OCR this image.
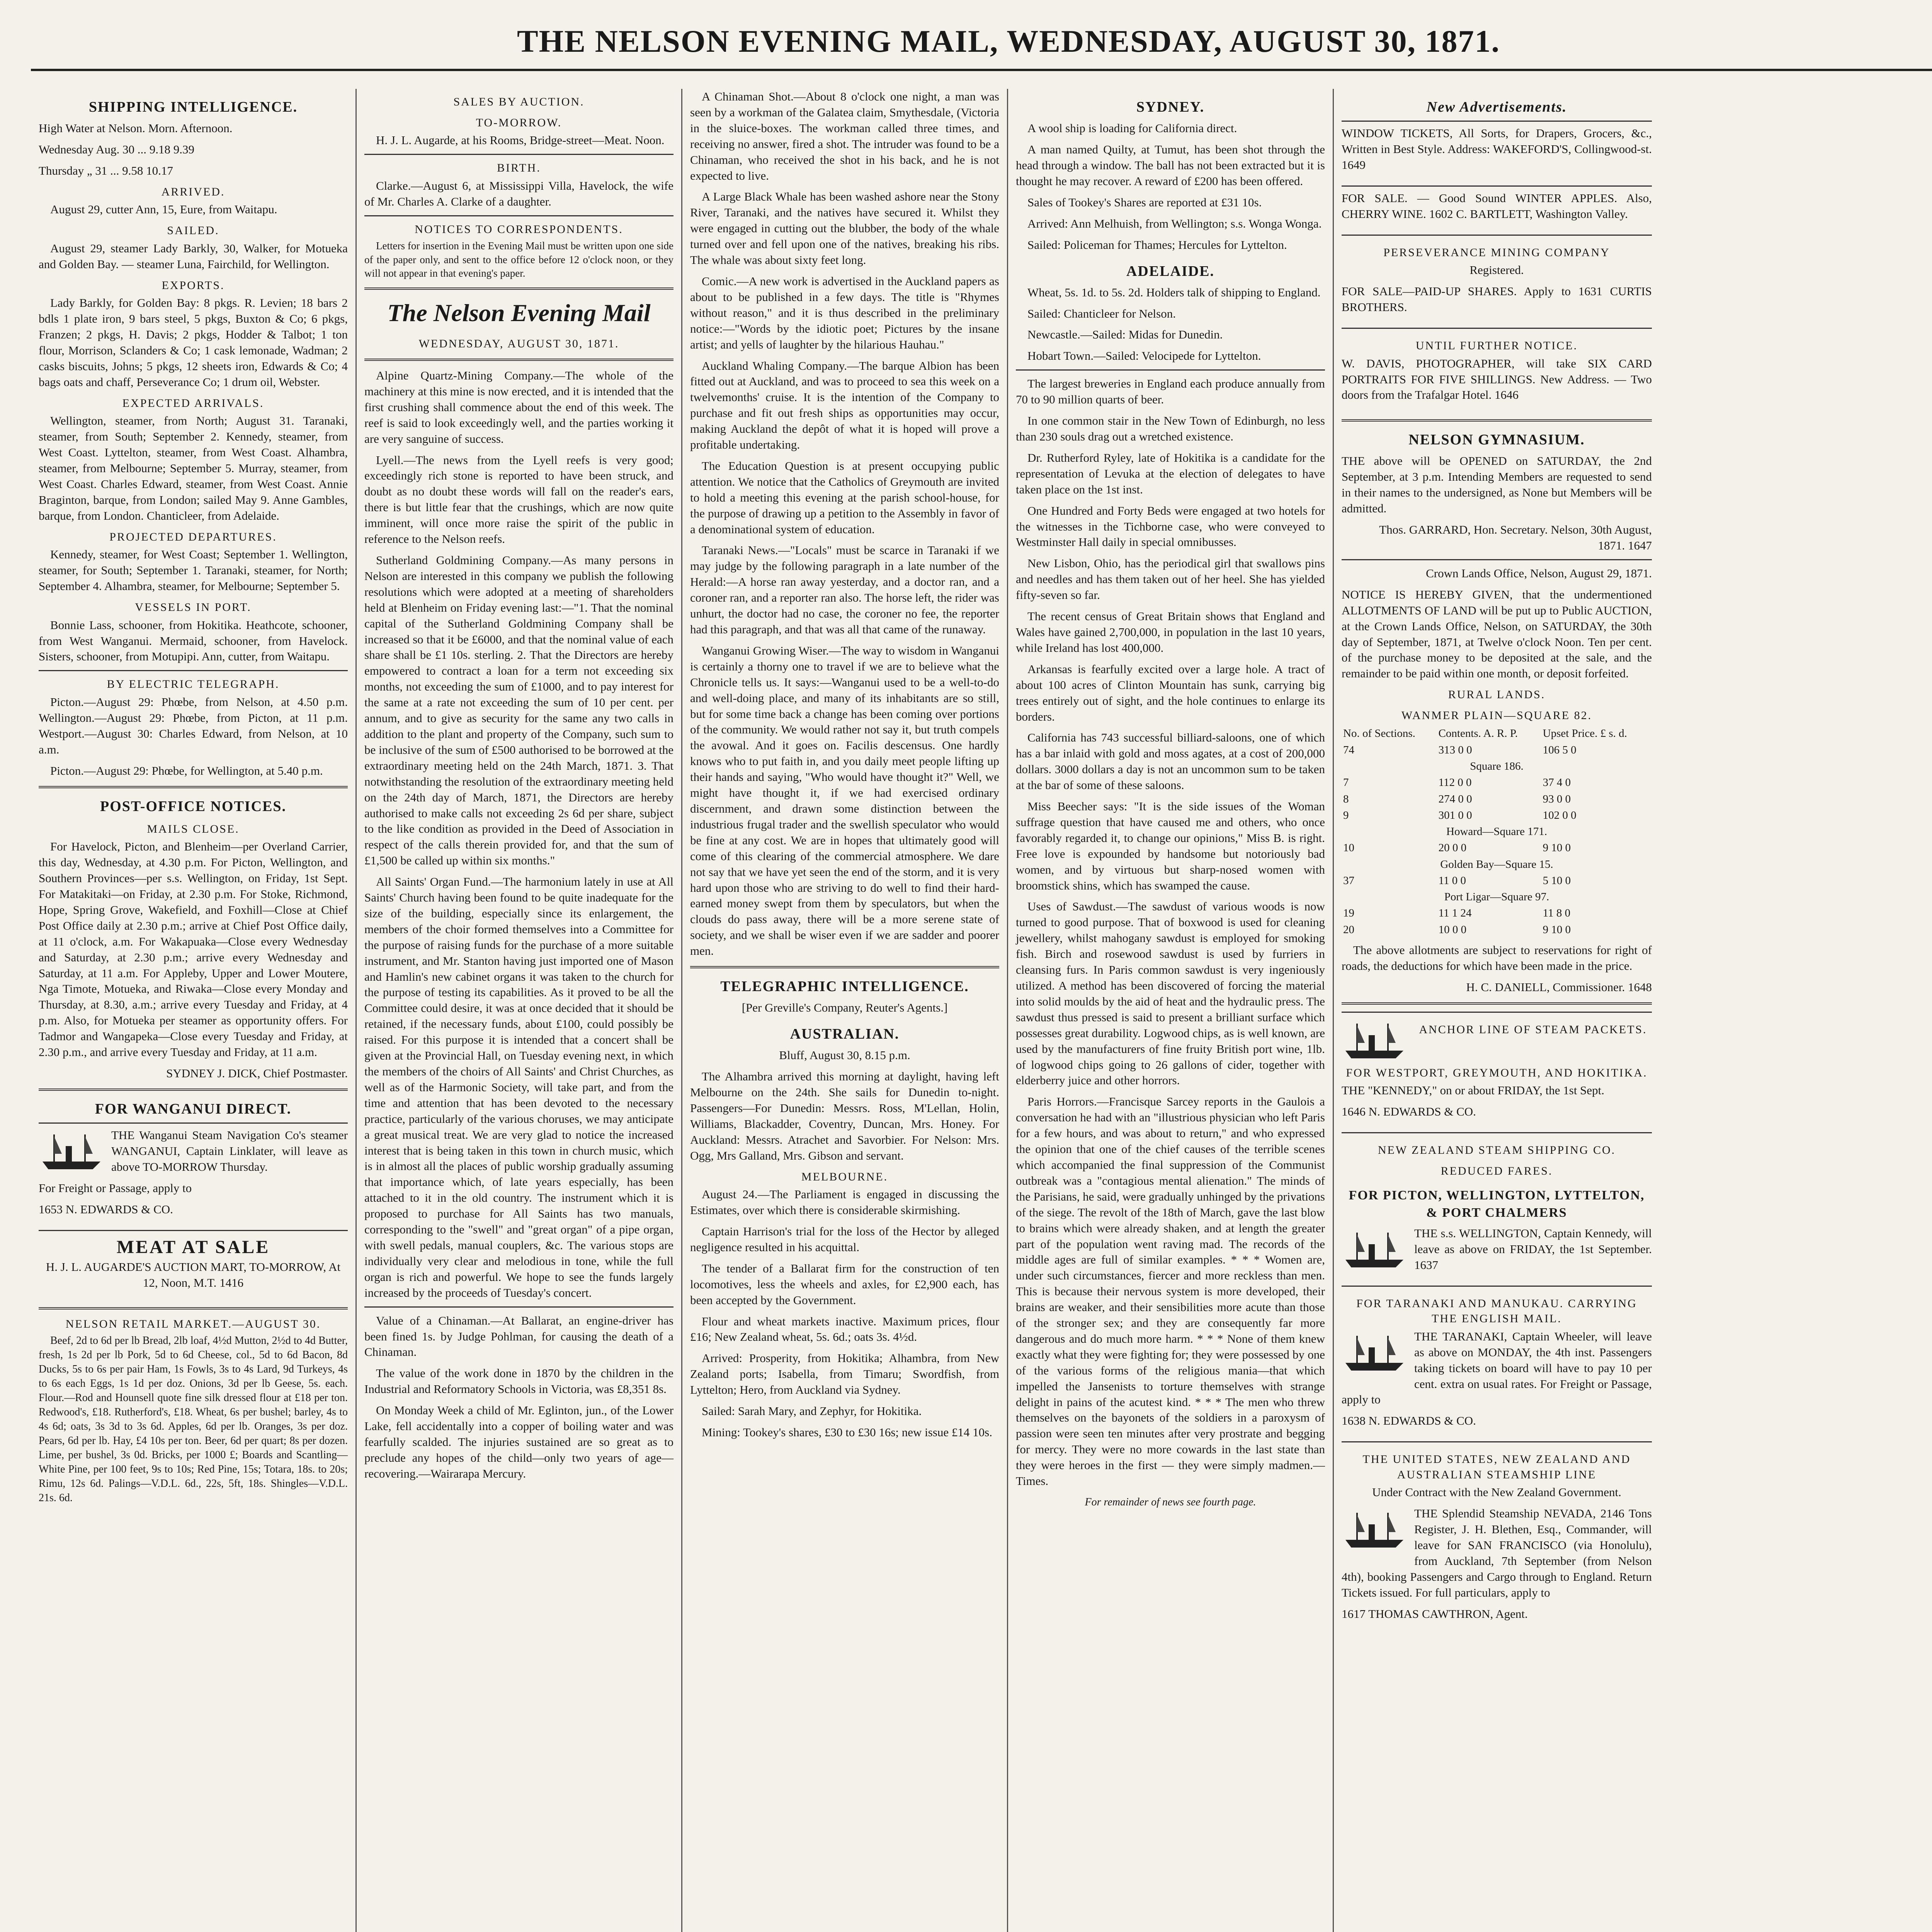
THE NELSON EVENING MAIL, WEDNESDAY, AUGUST 30, 1871.
SHIPPING INTELLIGENCE.

High Water at Nelson. Morn. Afternoon.

Wednesday Aug. 30 ... 9.18 9.39

Thursday „ 31 ... 9.58 10.17

ARRIVED.

August 29, cutter Ann, 15, Eure, from Waitapu.

SAILED.

August 29, steamer Lady Barkly, 30, Walker, for Motueka and Golden Bay. — steamer Luna, Fairchild, for Wellington.

EXPORTS.

Lady Barkly, for Golden Bay: 8 pkgs. R. Levien; 18 bars 2 bdls 1 plate iron, 9 bars steel, 5 pkgs, Buxton & Co; 6 pkgs, Franzen; 2 pkgs, H. Davis; 2 pkgs, Hodder & Talbot; 1 ton flour, Morrison, Sclanders & Co; 1 cask lemonade, Wadman; 2 casks biscuits, Johns; 5 pkgs, 12 sheets iron, Edwards & Co; 4 bags oats and chaff, Perseverance Co; 1 drum oil, Webster.

EXPECTED ARRIVALS.

Wellington, steamer, from North; August 31. Taranaki, steamer, from South; September 2. Kennedy, steamer, from West Coast. Lyttelton, steamer, from West Coast. Alhambra, steamer, from Melbourne; September 5. Murray, steamer, from West Coast. Charles Edward, steamer, from West Coast. Annie Braginton, barque, from London; sailed May 9. Anne Gambles, barque, from London. Chanticleer, from Adelaide.

PROJECTED DEPARTURES.

Kennedy, steamer, for West Coast; September 1. Wellington, steamer, for South; September 1. Taranaki, steamer, for North; September 4. Alhambra, steamer, for Melbourne; September 5.

VESSELS IN PORT.

Bonnie Lass, schooner, from Hokitika. Heathcote, schooner, from West Wanganui. Mermaid, schooner, from Havelock. Sisters, schooner, from Motupipi. Ann, cutter, from Waitapu.

BY ELECTRIC TELEGRAPH.

Picton.—August 29: Phœbe, from Nelson, at 4.50 p.m. Wellington.—August 29: Phœbe, from Picton, at 11 p.m. Westport.—August 30: Charles Edward, from Nelson, at 10 a.m.

Picton.—August 29: Phœbe, for Wellington, at 5.40 p.m.

POST-OFFICE NOTICES.
MAILS CLOSE.

For Havelock, Picton, and Blenheim—per Overland Carrier, this day, Wednesday, at 4.30 p.m. For Picton, Wellington, and Southern Provinces—per s.s. Wellington, on Friday, 1st Sept. For Matakitaki—on Friday, at 2.30 p.m. For Stoke, Richmond, Hope, Spring Grove, Wakefield, and Foxhill—Close at Chief Post Office daily at 2.30 p.m.; arrive at Chief Post Office daily, at 11 o'clock, a.m. For Wakapuaka—Close every Wednesday and Saturday, at 2.30 p.m.; arrive every Wednesday and Saturday, at 11 a.m. For Appleby, Upper and Lower Moutere, Nga Timote, Motueka, and Riwaka—Close every Monday and Thursday, at 8.30, a.m.; arrive every Tuesday and Friday, at 4 p.m. Also, for Motueka per steamer as opportunity offers. For Tadmor and Wangapeka—Close every Tuesday and Friday, at 2.30 p.m., and arrive every Tuesday and Friday, at 11 a.m.

SYDNEY J. DICK, Chief Postmaster.

FOR WANGANUI DIRECT.

THE Wanganui Steam Navigation Co's steamer WANGANUI, Captain Linklater, will leave as above TO-MORROW Thursday.

For Freight or Passage, apply to

1653 N. EDWARDS & CO.

MEAT AT SALE

H. J. L. AUGARDE'S AUCTION MART, TO-MORROW, At 12, Noon, M.T. 1416

NELSON RETAIL MARKET.—AUGUST 30.

Beef, 2d to 6d per lb Bread, 2lb loaf, 4½d Mutton, 2½d to 4d Butter, fresh, 1s 2d per lb Pork, 5d to 6d Cheese, col., 5d to 6d Bacon, 8d Ducks, 5s to 6s per pair Ham, 1s Fowls, 3s to 4s Lard, 9d Turkeys, 4s to 6s each Eggs, 1s 1d per doz. Onions, 3d per lb Geese, 5s. each. Flour.—Rod and Hounsell quote fine silk dressed flour at £18 per ton. Redwood's, £18. Rutherford's, £18. Wheat, 6s per bushel; barley, 4s to 4s 6d; oats, 3s 3d to 3s 6d. Apples, 6d per lb. Oranges, 3s per doz. Pears, 6d per lb. Hay, £4 10s per ton. Beer, 6d per quart; 8s per dozen. Lime, per bushel, 3s 0d. Bricks, per 1000 £; Boards and Scantling—White Pine, per 100 feet, 9s to 10s; Red Pine, 15s; Totara, 18s. to 20s; Rimu, 12s 6d. Palings—V.D.L. 6d., 22s, 5ft, 18s. Shingles—V.D.L. 21s. 6d.

SALES BY AUCTION.
TO-MORROW.

H. J. L. Augarde, at his Rooms, Bridge-street—Meat. Noon.

BIRTH.

Clarke.—August 6, at Mississippi Villa, Havelock, the wife of Mr. Charles A. Clarke of a daughter.

NOTICES TO CORRESPONDENTS.

Letters for insertion in the Evening Mail must be written upon one side of the paper only, and sent to the office before 12 o'clock noon, or they will not appear in that evening's paper.

The Nelson Evening Mail
WEDNESDAY, AUGUST 30, 1871.

Alpine Quartz-Mining Company.—The whole of the machinery at this mine is now erected, and it is intended that the first crushing shall commence about the end of this week. The reef is said to look exceedingly well, and the parties working it are very sanguine of success.

Lyell.—The news from the Lyell reefs is very good; exceedingly rich stone is reported to have been struck, and doubt as no doubt these words will fall on the reader's ears, there is but little fear that the crushings, which are now quite imminent, will once more raise the spirit of the public in reference to the Nelson reefs.

Sutherland Goldmining Company.—As many persons in Nelson are interested in this company we publish the following resolutions which were adopted at a meeting of shareholders held at Blenheim on Friday evening last:—"1. That the nominal capital of the Sutherland Goldmining Company shall be increased so that it be £6000, and that the nominal value of each share shall be £1 10s. sterling. 2. That the Directors are hereby empowered to contract a loan for a term not exceeding six months, not exceeding the sum of £1000, and to pay interest for the same at a rate not exceeding the sum of 10 per cent. per annum, and to give as security for the same any two calls in addition to the plant and property of the Company, such sum to be inclusive of the sum of £500 authorised to be borrowed at the extraordinary meeting held on the 24th March, 1871. 3. That notwithstanding the resolution of the extraordinary meeting held on the 24th day of March, 1871, the Directors are hereby authorised to make calls not exceeding 2s 6d per share, subject to the like condition as provided in the Deed of Association in respect of the calls therein provided for, and that the sum of £1,500 be called up within six months."

All Saints' Organ Fund.—The harmonium lately in use at All Saints' Church having been found to be quite inadequate for the size of the building, especially since its enlargement, the members of the choir formed themselves into a Committee for the purpose of raising funds for the purchase of a more suitable instrument, and Mr. Stanton having just imported one of Mason and Hamlin's new cabinet organs it was taken to the church for the purpose of testing its capabilities. As it proved to be all the Committee could desire, it was at once decided that it should be retained, if the necessary funds, about £100, could possibly be raised. For this purpose it is intended that a concert shall be given at the Provincial Hall, on Tuesday evening next, in which the members of the choirs of All Saints' and Christ Churches, as well as of the Harmonic Society, will take part, and from the time and attention that has been devoted to the necessary practice, particularly of the various choruses, we may anticipate a great musical treat. We are very glad to notice the increased interest that is being taken in this town in church music, which is in almost all the places of public worship gradually assuming that importance which, of late years especially, has been attached to it in the old country. The instrument which it is proposed to purchase for All Saints has two manuals, corresponding to the "swell" and "great organ" of a pipe organ, with swell pedals, manual couplers, &c. The various stops are individually very clear and melodious in tone, while the full organ is rich and powerful. We hope to see the funds largely increased by the proceeds of Tuesday's concert.

Value of a Chinaman.—At Ballarat, an engine-driver has been fined 1s. by Judge Pohlman, for causing the death of a Chinaman.

The value of the work done in 1870 by the children in the Industrial and Reformatory Schools in Victoria, was £8,351 8s.

On Monday Week a child of Mr. Eglinton, jun., of the Lower Lake, fell accidentally into a copper of boiling water and was fearfully scalded. The injuries sustained are so great as to preclude any hopes of the child—only two years of age—recovering.—Wairarapa Mercury.

A Chinaman Shot.—About 8 o'clock one night, a man was seen by a workman of the Galatea claim, Smythesdale, (Victoria in the sluice-boxes. The workman called three times, and receiving no answer, fired a shot. The intruder was found to be a Chinaman, who received the shot in his back, and he is not expected to live.

A Large Black Whale has been washed ashore near the Stony River, Taranaki, and the natives have secured it. Whilst they were engaged in cutting out the blubber, the body of the whale turned over and fell upon one of the natives, breaking his ribs. The whale was about sixty feet long.

Comic.—A new work is advertised in the Auckland papers as about to be published in a few days. The title is "Rhymes without reason," and it is thus described in the preliminary notice:—"Words by the idiotic poet; Pictures by the insane artist; and yells of laughter by the hilarious Hauhau."

Auckland Whaling Company.—The barque Albion has been fitted out at Auckland, and was to proceed to sea this week on a twelvemonths' cruise. It is the intention of the Company to purchase and fit out fresh ships as opportunities may occur, making Auckland the depôt of what it is hoped will prove a profitable undertaking.

The Education Question is at present occupying public attention. We notice that the Catholics of Greymouth are invited to hold a meeting this evening at the parish school-house, for the purpose of drawing up a petition to the Assembly in favor of a denominational system of education.

Taranaki News.—"Locals" must be scarce in Taranaki if we may judge by the following paragraph in a late number of the Herald:—A horse ran away yesterday, and a doctor ran, and a coroner ran, and a reporter ran also. The horse left, the rider was unhurt, the doctor had no case, the coroner no fee, the reporter had this paragraph, and that was all that came of the runaway.

Wanganui Growing Wiser.—The way to wisdom in Wanganui is certainly a thorny one to travel if we are to believe what the Chronicle tells us. It says:—Wanganui used to be a well-to-do and well-doing place, and many of its inhabitants are so still, but for some time back a change has been coming over portions of the community. We would rather not say it, but truth compels the avowal. And it goes on. Facilis descensus. One hardly knows who to put faith in, and you daily meet people lifting up their hands and saying, "Who would have thought it?" Well, we might have thought it, if we had exercised ordinary discernment, and drawn some distinction between the industrious frugal trader and the swellish speculator who would be fine at any cost. We are in hopes that ultimately good will come of this clearing of the commercial atmosphere. We dare not say that we have yet seen the end of the storm, and it is very hard upon those who are striving to do well to find their hard-earned money swept from them by speculators, but when the clouds do pass away, there will be a more serene state of society, and we shall be wiser even if we are sadder and poorer men.

TELEGRAPHIC INTELLIGENCE.

[Per Greville's Company, Reuter's Agents.]

AUSTRALIAN.

Bluff, August 30, 8.15 p.m.

The Alhambra arrived this morning at daylight, having left Melbourne on the 24th. She sails for Dunedin to-night. Passengers—For Dunedin: Messrs. Ross, M'Lellan, Holin, Williams, Blackadder, Coventry, Duncan, Mrs. Honey. For Auckland: Messrs. Atrachet and Savorbier. For Nelson: Mrs. Ogg, Mrs Galland, Mrs. Gibson and servant.

MELBOURNE.

August 24.—The Parliament is engaged in discussing the Estimates, over which there is considerable skirmishing.

Captain Harrison's trial for the loss of the Hector by alleged negligence resulted in his acquittal.

The tender of a Ballarat firm for the construction of ten locomotives, less the wheels and axles, for £2,900 each, has been accepted by the Government.

Flour and wheat markets inactive. Maximum prices, flour £16; New Zealand wheat, 5s. 6d.; oats 3s. 4½d.

Arrived: Prosperity, from Hokitika; Alhambra, from New Zealand ports; Isabella, from Timaru; Swordfish, from Lyttelton; Hero, from Auckland via Sydney.

Sailed: Sarah Mary, and Zephyr, for Hokitika.

Mining: Tookey's shares, £30 to £30 16s; new issue £14 10s.

SYDNEY.

A wool ship is loading for California direct.

A man named Quilty, at Tumut, has been shot through the head through a window. The ball has not been extracted but it is thought he may recover. A reward of £200 has been offered.

Sales of Tookey's Shares are reported at £31 10s.

Arrived: Ann Melhuish, from Wellington; s.s. Wonga Wonga.

Sailed: Policeman for Thames; Hercules for Lyttelton.

ADELAIDE.

Wheat, 5s. 1d. to 5s. 2d. Holders talk of shipping to England.

Sailed: Chanticleer for Nelson.

Newcastle.—Sailed: Midas for Dunedin.

Hobart Town.—Sailed: Velocipede for Lyttelton.

The largest breweries in England each produce annually from 70 to 90 million quarts of beer.

In one common stair in the New Town of Edinburgh, no less than 230 souls drag out a wretched existence.

Dr. Rutherford Ryley, late of Hokitika is a candidate for the representation of Levuka at the election of delegates to have taken place on the 1st inst.

One Hundred and Forty Beds were engaged at two hotels for the witnesses in the Tichborne case, who were conveyed to Westminster Hall daily in special omnibusses.

New Lisbon, Ohio, has the periodical girl that swallows pins and needles and has them taken out of her heel. She has yielded fifty-seven so far.

The recent census of Great Britain shows that England and Wales have gained 2,700,000, in population in the last 10 years, while Ireland has lost 400,000.

Arkansas is fearfully excited over a large hole. A tract of about 100 acres of Clinton Mountain has sunk, carrying big trees entirely out of sight, and the hole continues to enlarge its borders.

California has 743 successful billiard-saloons, one of which has a bar inlaid with gold and moss agates, at a cost of 200,000 dollars. 3000 dollars a day is not an uncommon sum to be taken at the bar of some of these saloons.

Miss Beecher says: "It is the side issues of the Woman suffrage question that have caused me and others, who once favorably regarded it, to change our opinions," Miss B. is right. Free love is expounded by handsome but notoriously bad women, and by virtuous but sharp-nosed women with broomstick shins, which has swamped the cause.

Uses of Sawdust.—The sawdust of various woods is now turned to good purpose. That of boxwood is used for cleaning jewellery, whilst mahogany sawdust is employed for smoking fish. Birch and rosewood sawdust is used by furriers in cleansing furs. In Paris common sawdust is very ingeniously utilized. A method has been discovered of forcing the material into solid moulds by the aid of heat and the hydraulic press. The sawdust thus pressed is said to present a brilliant surface which possesses great durability. Logwood chips, as is well known, are used by the manufacturers of fine fruity British port wine, 1lb. of logwood chips going to 26 gallons of cider, together with elderberry juice and other horrors.

Paris Horrors.—Francisque Sarcey reports in the Gaulois a conversation he had with an "illustrious physician who left Paris for a few hours, and was about to return," and who expressed the opinion that one of the chief causes of the terrible scenes which accompanied the final suppression of the Communist outbreak was a "contagious mental alienation." The minds of the Parisians, he said, were gradually unhinged by the privations of the siege. The revolt of the 18th of March, gave the last blow to brains which were already shaken, and at length the greater part of the population went raving mad. The records of the middle ages are full of similar examples. * * * Women are, under such circumstances, fiercer and more reckless than men. This is because their nervous system is more developed, their brains are weaker, and their sensibilities more acute than those of the stronger sex; and they are consequently far more dangerous and do much more harm. * * * None of them knew exactly what they were fighting for; they were possessed by one of the various forms of the religious mania—that which impelled the Jansenists to torture themselves with strange delight in pains of the acutest kind. * * * The men who threw themselves on the bayonets of the soldiers in a paroxysm of passion were seen ten minutes after very prostrate and begging for mercy. They were no more cowards in the last state than they were heroes in the first — they were simply madmen.—Times.

For remainder of news see fourth page.
New Advertisements.

WINDOW TICKETS, All Sorts, for Drapers, Grocers, &c., Written in Best Style. Address: WAKEFORD'S, Collingwood-st. 1649

FOR SALE. — Good Sound WINTER APPLES. Also, CHERRY WINE. 1602 C. BARTLETT, Washington Valley.

PERSEVERANCE MINING COMPANY

Registered.

FOR SALE—PAID-UP SHARES. Apply to 1631 CURTIS BROTHERS.

UNTIL FURTHER NOTICE.

W. DAVIS, PHOTOGRAPHER, will take SIX CARD PORTRAITS FOR FIVE SHILLINGS. New Address. — Two doors from the Trafalgar Hotel. 1646

NELSON GYMNASIUM.

THE above will be OPENED on SATURDAY, the 2nd September, at 3 p.m. Intending Members are requested to send in their names to the undersigned, as None but Members will be admitted.

Thos. GARRARD, Hon. Secretary. Nelson, 30th August, 1871. 1647

Crown Lands Office, Nelson, August 29, 1871.

NOTICE IS HEREBY GIVEN, that the undermentioned ALLOTMENTS OF LAND will be put up to Public AUCTION, at the Crown Lands Office, Nelson, on SATURDAY, the 30th day of September, 1871, at Twelve o'clock Noon. Ten per cent. of the purchase money to be deposited at the sale, and the remainder to be paid within one month, or deposit forfeited.

RURAL LANDS.
WANMER PLAIN—SQUARE 82.
No. of Sections.	Contents. A. R. P.	Upset Price. £ s. d.
74	313 0 0	106 5 0
Square 186.		
7	112 0 0	37 4 0
8	274 0 0	93 0 0
9	301 0 0	102 0 0
Howard—Square 171.		
10	20 0 0	9 10 0
Golden Bay—Square 15.		
37	11 0 0	5 10 0
Port Ligar—Square 97.		
19	11 1 24	11 8 0
20	10 0 0	9 10 0

The above allotments are subject to reservations for right of roads, the deductions for which have been made in the price.

H. C. DANIELL, Commissioner. 1648

ANCHOR LINE OF STEAM PACKETS.
FOR WESTPORT, GREYMOUTH, AND HOKITIKA.

THE "KENNEDY," on or about FRIDAY, the 1st Sept.

1646 N. EDWARDS & CO.

NEW ZEALAND STEAM SHIPPING CO.
REDUCED FARES.
FOR PICTON, WELLINGTON, LYTTELTON, & PORT CHALMERS

THE s.s. WELLINGTON, Captain Kennedy, will leave as above on FRIDAY, the 1st September. 1637

FOR TARANAKI AND MANUKAU. CARRYING THE ENGLISH MAIL.

THE TARANAKI, Captain Wheeler, will leave as above on MONDAY, the 4th inst. Passengers taking tickets on board will have to pay 10 per cent. extra on usual rates. For Freight or Passage, apply to

1638 N. EDWARDS & CO.

THE UNITED STATES, NEW ZEALAND AND AUSTRALIAN STEAMSHIP LINE

Under Contract with the New Zealand Government.

THE Splendid Steamship NEVADA, 2146 Tons Register, J. H. Blethen, Esq., Commander, will leave for SAN FRANCISCO (via Honolulu), from Auckland, 7th September (from Nelson 4th), booking Passengers and Cargo through to England. Return Tickets issued. For full particulars, apply to

1617 THOMAS CAWTHRON, Agent.
